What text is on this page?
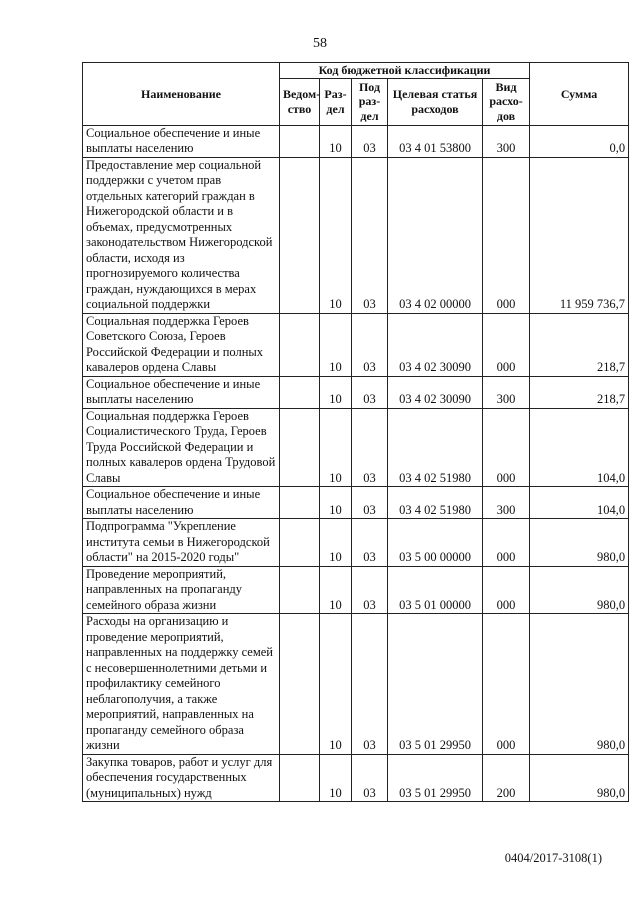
58
Наименование	Код бюджетной классификации					Сумма
	Ведом-ство	Раз-дел	Под раз-дел	Целевая статья расходов	Вид расхо-дов	
Социальное обеспечение и иные выплаты населению		10	03	03 4 01 53800	300	0,0
Предоставление мер социальной поддержки с учетом прав отдельных категорий граждан в Нижегородской области и в объемах, предусмотренных законодательством Нижегородской области, исходя из прогнозируемого количества граждан, нуждающихся в мерах социальной поддержки		10	03	03 4 02 00000	000	11 959 736,7
Социальная поддержка Героев Советского Союза, Героев Российской Федерации и полных кавалеров ордена Славы		10	03	03 4 02 30090	000	218,7
Социальное обеспечение и иные выплаты населению		10	03	03 4 02 30090	300	218,7
Социальная поддержка Героев Социалистического Труда, Героев Труда Российской Федерации и полных кавалеров ордена Трудовой Славы		10	03	03 4 02 51980	000	104,0
Социальное обеспечение и иные выплаты населению		10	03	03 4 02 51980	300	104,0
Подпрограмма "Укрепление института семьи в Нижегородской области" на 2015-2020 годы"		10	03	03 5 00 00000	000	980,0
Проведение мероприятий, направленных на пропаганду семейного образа жизни		10	03	03 5 01 00000	000	980,0
Расходы на организацию и проведение мероприятий, направленных на поддержку семей с несовершеннолетними детьми и профилактику семейного неблагополучия, а также мероприятий, направленных на пропаганду семейного образа жизни		10	03	03 5 01 29950	000	980,0
Закупка товаров, работ и услуг для обеспечения государственных (муниципальных) нужд		10	03	03 5 01 29950	200	980,0
0404/2017-3108(1)
